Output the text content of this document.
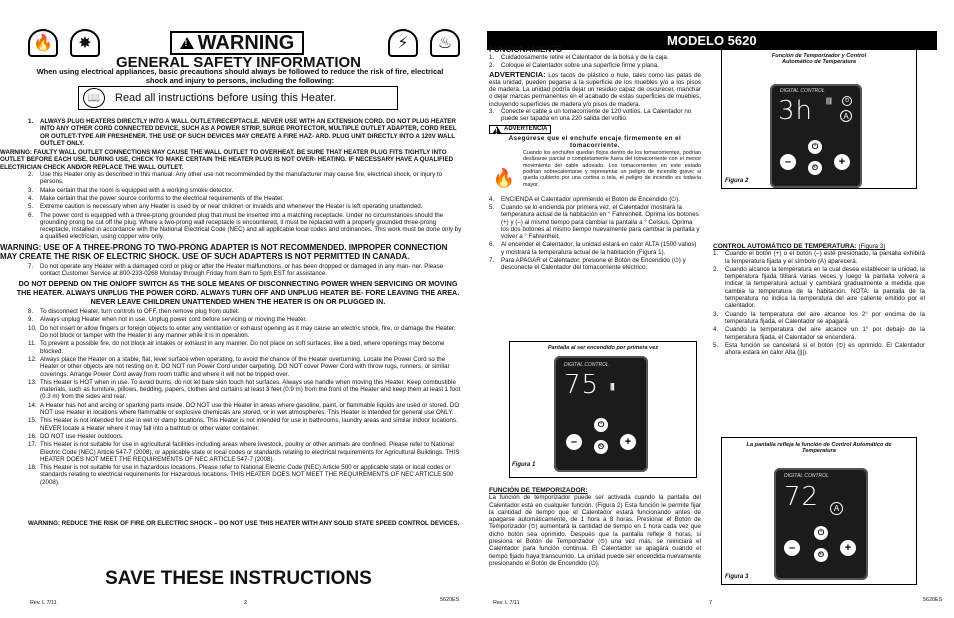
🔥	✸	⚡	♨
!
WARNING
GENERAL SAFETY INFORMATION
When using electrical appliances, basic precautions should always be followed to reduce the risk of fire, electrical shock and injury to persons, including the following:
📖	Read all instructions before using this Heater.
1.	ALWAYS PLUG HEATERS DIRECTLY INTO A WALL OUTLET/RECEPTACLE. NEVER USE WITH AN EXTENSION CORD. DO NOT PLUG HEATER INTO ANY OTHER CORD CONNECTED DEVICE, SUCH AS A POWER STRIP, SURGE PROTECTOR, MULTIPLE OUTLET ADAPTER, CORD REEL OR OUTLET-TYPE AIR FRESHENER. THE USE OF SUCH DEVICES MAY CREATE A FIRE HAZ- ARD. PLUG UNIT DIRECTLY INTO A 120V WALL OUTLET ONLY.
WARNING: FAULTY WALL OUTLET CONNECTIONS MAY CAUSE THE WALL OUTLET TO OVERHEAT. BE SURE THAT HEATER PLUG FITS TIGHTLY INTO OUTLET BEFORE EACH USE. DURING USE, CHECK TO MAKE CERTAIN THE HEATER PLUG IS NOT OVER- HEATING. IF NECESSARY HAVE A QUALIFIED ELECTRICIAN CHECK AND/OR REPLACE THE WALL OUTLET.
2.	Use this Heater only as described in this manual. Any other use not recommended by the manufacturer may cause fire, electrical shock, or injury to persons.
3.	Make certain that the room is equipped with a working smoke detector.
4.	Make certain that the power source conforms to the electrical requirements of the Heater.
5.	Extreme caution is necessary when any Heater is used by or near children or invalids and whenever the Heater is left operating unattended.
6.	The power cord is equipped with a three-prong grounded plug that must be inserted into a matching receptacle. Under no circumstances should the grounding prong be cut off the plug. Where a two-prong wall receptacle is encountered, it must be replaced with a properly grounded three-prong receptacle, installed in accordance with the National Electrical Code (NEC) and all applicable local codes and ordinances. This work must be done only by a qualified electrician, using copper wire only.
WARNING: USE OF A THREE-PRONG TO TWO-PRONG ADAPTER IS NOT RECOMMENDED. IMPROPER CONNECTION MAY CREATE THE RISK OF ELECTRIC SHOCK. USE OF SUCH ADAPTERS IS NOT PERMITTED IN CANADA.
7.	Do not operate any Heater with a damaged cord or plug or after the Heater malfunctions, or has been dropped or damaged in any man- ner. Please contact Customer Service at 800-233-0268 Monday through Friday from 8am to 5pm EST for assistance.
DO NOT DEPEND ON THE ON/OFF SWITCH AS THE SOLE MEANS OF DISCONNECTING POWER WHEN SERVICING OR MOVING THE HEATER. ALWAYS UNPLUG THE POWER CORD. ALWAYS TURN OFF AND UNPLUG HEATER BE- FORE LEAVING THE AREA. NEVER LEAVE CHILDREN UNATTENDED WHEN THE HEATER IS ON OR PLUGGED IN.
8.	To disconnect Heater, turn controls to OFF, then remove plug from outlet.
9.	Always unplug Heater when not in use. Unplug power cord before servicing or moving the Heater.
10. Do not insert or allow fingers or foreign objects to enter any ventilation or exhaust opening as it may cause an electric shock, fire, or damage the Heater. Do not block or tamper with the Heater in any manner while it is in operation.
11. To prevent a possible fire, do not block air intakes or exhaust in any manner. Do not place on soft surfaces, like a bed, where openings may become blocked.
12. Always place the Heater on a stable, flat, level surface when operating, to avoid the chance of the Heater overturning. Locate the Power Cord so the Heater or other objects are not resting on it. DO NOT run Power Cord under carpeting. DO NOT cover Power Cord with throw rugs, runners, or similar coverings. Arrange Power Cord away from room traffic and where it will not be tripped over.
13. This Heater is HOT when in use. To avoid burns, do not let bare skin touch hot surfaces. Always use handle when moving this Heater. Keep combustible materials, such as furniture, pillows, bedding, papers, clothes and curtains at least 3 feet (0.9 m) from the front of the Heater and keep them at least 1 foot (0.3 m) from the sides and rear.
14. A Heater has hot and arcing or sparking parts inside. DO NOT use the Heater in areas where gasoline, paint, or flammable liquids are used or stored. DO NOT use Heater in locations where flammable or explosive chemicals are stored, or in wet atmospheres. This Heater is intended for general use ONLY.
15. This Heater is not intended for use in wet or damp locations. This Heater is not intended for use in bathrooms, laundry areas and similar indoor locations. NEVER locate a Heater where it may fall into a bathtub or other water container.
16. DO NOT use Heater outdoors.
17. This Heater is not suitable for use in agricultural facilities including areas where livestock, poultry or other animals are confined. Please refer to National Electric Code (NEC) Article 547-7 (2008), or applicable state or local codes or standards relating to electrical requirements for Agricultural Buildings. THIS HEATER DOES NOT MEET THE REQUIREMENTS OF NEC ARTICLE 547-7 (2008).
18. This Heater is not suitable for use in hazardous locations. Please refer to National Electric Code (NEC) Article 500 or applicable state or local codes or standards relating to electrical requirements for Hazardous locations. THIS HEATER DOES NOT MEET THE REQUIREMENTS OF NEC ARTICLE 500 (2008).
WARNING: REDUCE THE RISK OF FIRE OR ELECTRIC SHOCK – DO NOT USE THIS HEATER WITH ANY SOLID STATE SPEED CONTROL DEVICES.
SAVE THESE INSTRUCTIONS
Rev. L 7/11	2	5620ES
MODELO 5620
FUNCIONAMIENTO
1.	Cuidadosamente retire el Calentador de la bolsa y de la caja.
2.	Coloque el Calentador sobre una superficie firme y plana.
ADVERTENCIA: Los tacos de plástico o hule, tales como las patas de esta unidad, pueden pegarse a la superficie de los muebles y/o a los pisos de madera. La unidad podría dejar un residuo capaz de oscurecer, manchar o dejar marcas permanentes en el acabado de estas superficies de muebles, incluyendo superficies de madera y/o pisos de madera.
3.	Conecte el cable a un tomacorriente de 120 voltios. La Calentador no puede ser tapada en una 220 salida del voltio.
!
ADVERTENCIA
Asegúrese que el enchufe encaje firmemente en el tomacorriente.
🔥
Cuando los enchufes quedan flojos dentro de los tomacorrientes, podrían deslizarse parcial o completamente fuera del tomacorriente con el menor movimiento del cable adosado. Los tomacorrientes en este estado podrían sobrecalentarse y representar un peligro de incendio grave; si queda cubierto por una cortina o tela, el peligro de incendio es todavía mayor.
4.	ENCIENDA el Calentador oprimiendo el Botón de Encendido (⏻).
5.	Cuando se lo encienda por primera vez, el Calentador mostrará la temperatura actual de la habitación en ° Fahrenheit. Oprima los botones (+) y (–) al mismo tiempo para cambiar la pantalla a ° Celsius. Oprima los dos botones al mismo tiempo nuevamente para cambiar la pantalla y volver a ° Fahrenheit.
6.	Al encender el Calentador, la unidad estará en calor ALTA (1500 vatios) y mostrará la temperatura actual de la habitación (Figura 1).
7.	Para APAGAR el Calentador, presione el Botón de Encendido (⏻) y desconecte el Calentador del tomacorriente eléctrico.
Pantalla al ser encendido por primera vez
DIGITAL CONTROL
75 |||
–
⏻
⏲	+
Figura 1
FUNCIÓN DE TEMPORIZADOR:
La función de temporizador puede ser activada cuando la pantalla del Calentador está en cualquier función. (Figura 2) Esta función le permite fijar la cantidad de tiempo que el Calentador estará funcionando antes de apagarse automáticamente, de 1 hora a 8 horas. Presionar el Botón de Temporizador (⏲) aumentará la cantidad de tiempo en 1 hora cada vez que dicho botón sea oprimido. Después que la pantalla refleje 8 horas, si presiona el Botón de Temporizador (⏲) una vez más, se reiniciará el Calentador para función continua. El Calentador se apagará cuando el tiempo fijado haya transcurrido. La unidad puede ser encendida nuevamente presionando el Botón de Encendido (⏻).
Función de Temporizador y Control Automático de Temperatura
DIGITAL CONTROL
3h |||	⏲
A
–
⏻
⏲	+
Figura 2
CONTROL AUTOMÁTICO DE TEMPERATURA: (Figura 3)
1.	Cuando el botón (+) o el botón (–) esté presionado, la pantalla exhibirá la temperatura fijada y el símbolo (A) aparecerá.
2.	Cuando alcance la temperatura en la cual desea establecer la unidad, la temperatura fijada titilará varias veces y luego la pantalla volverá a indicar la temperatura actual y cambiará gradualmente a medida que cambia la temperatura de la habitación. NOTA: la pantalla de la temperatura no indica la temperatura del aire caliente emitido por el calentador.
3.	Cuando la temperatura del aire alcance los 2° por encima de la temperatura fijada, el Calentador se apagará.
4.	Cuando la temperatura del aire alcance un 1° por debajo de la temperatura fijada, el Calentador se encenderá.
5.	Esta función se cancelará si el botón (⏲) es oprimido. El Calentador ahora estará en calor Alta (|||).
La pantalla refleja la función de Control Automático de Temperatura
DIGITAL CONTROL
72	A
–
⏻
⏲
+
Figura 3
Rev. L 7/11	7	5620ES
